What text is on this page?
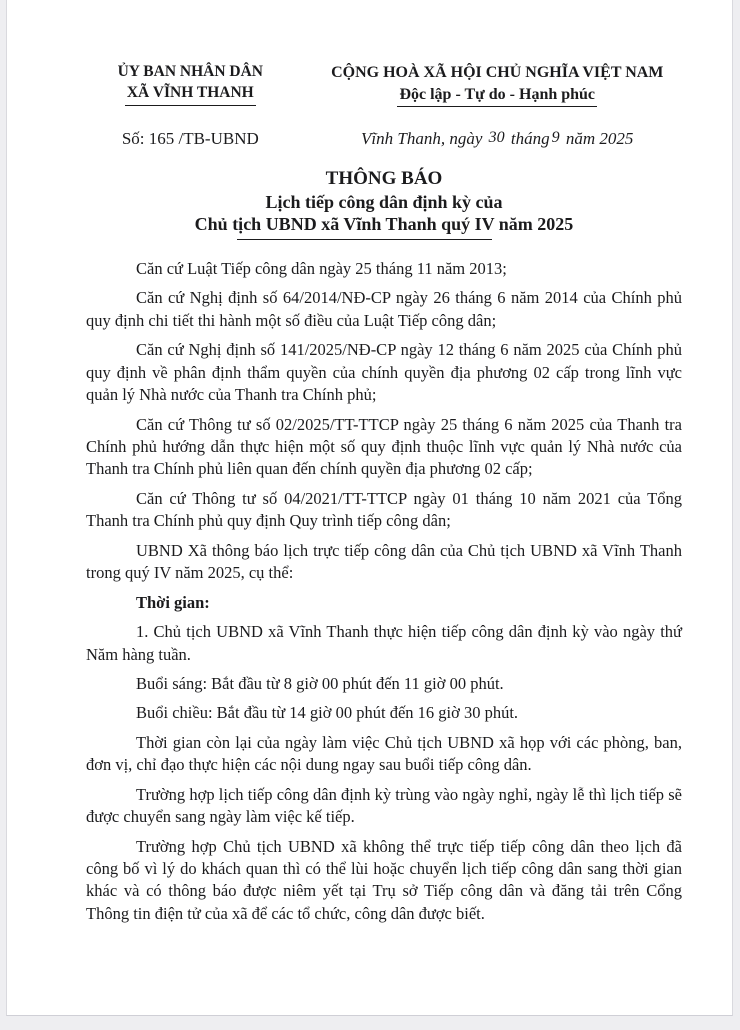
ỦY BAN NHÂN DÂN
XÃ VĨNH THANH
CỘNG HOÀ XÃ HỘI CHỦ NGHĨA VIỆT NAM
Độc lập - Tự do - Hạnh phúc
Số: 165 /TB-UBND	Vĩnh Thanh, ngày 30 tháng 9 năm 2025

THÔNG BÁO

Lịch tiếp công dân định kỳ của

Chủ tịch UBND xã Vĩnh Thanh quý IV năm 2025

Căn cứ Luật Tiếp công dân ngày 25 tháng 11 năm 2013;

Căn cứ Nghị định số 64/2014/NĐ-CP ngày 26 tháng 6 năm 2014 của Chính phủ quy định chi tiết thi hành một số điều của Luật Tiếp công dân;

Căn cứ Nghị định số 141/2025/NĐ-CP ngày 12 tháng 6 năm 2025 của Chính phủ quy định về phân định thẩm quyền của chính quyền địa phương 02 cấp trong lĩnh vực quản lý Nhà nước của Thanh tra Chính phủ;

Căn cứ Thông tư số 02/2025/TT-TTCP ngày 25 tháng 6 năm 2025 của Thanh tra Chính phủ hướng dẫn thực hiện một số quy định thuộc lĩnh vực quản lý Nhà nước của Thanh tra Chính phủ liên quan đến chính quyền địa phương 02 cấp;

Căn cứ Thông tư số 04/2021/TT-TTCP ngày 01 tháng 10 năm 2021 của Tổng Thanh tra Chính phủ quy định Quy trình tiếp công dân;

UBND Xã thông báo lịch trực tiếp công dân của Chủ tịch UBND xã Vĩnh Thanh trong quý IV năm 2025, cụ thể:

Thời gian:

1. Chủ tịch UBND xã Vĩnh Thanh thực hiện tiếp công dân định kỳ vào ngày thứ Năm hàng tuần.

Buổi sáng: Bắt đầu từ 8 giờ 00 phút đến 11 giờ 00 phút.

Buổi chiều: Bắt đầu từ 14 giờ 00 phút đến 16 giờ 30 phút.

Thời gian còn lại của ngày làm việc Chủ tịch UBND xã họp với các phòng, ban, đơn vị, chỉ đạo thực hiện các nội dung ngay sau buổi tiếp công dân.

Trường hợp lịch tiếp công dân định kỳ trùng vào ngày nghỉ, ngày lễ thì lịch tiếp sẽ được chuyển sang ngày làm việc kế tiếp.

Trường hợp Chủ tịch UBND xã không thể trực tiếp tiếp công dân theo lịch đã công bố vì lý do khách quan thì có thể lùi hoặc chuyển lịch tiếp công dân sang thời gian khác và có thông báo được niêm yết tại Trụ sở Tiếp công dân và đăng tải trên Cổng Thông tin điện tử của xã để các tổ chức, công dân được biết.
